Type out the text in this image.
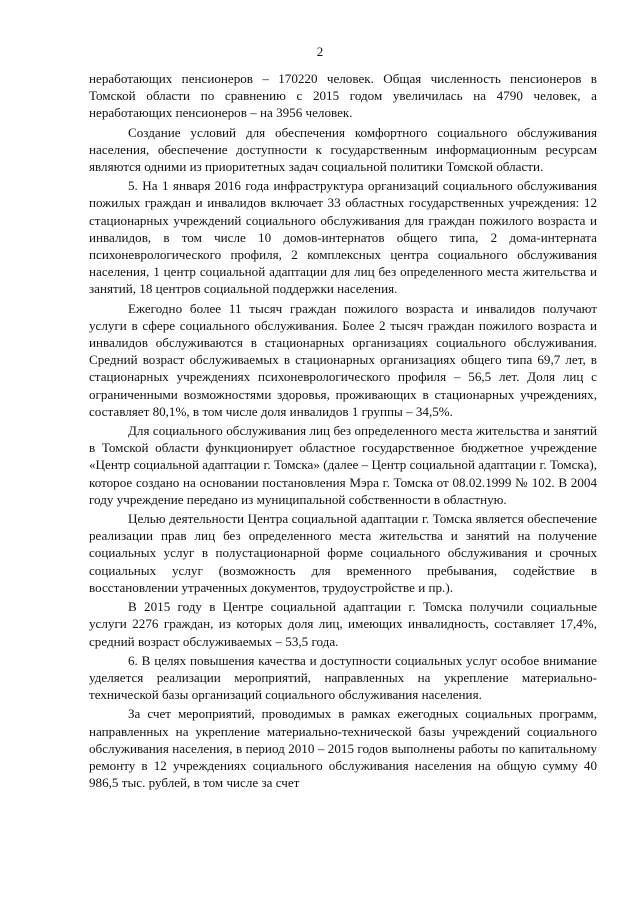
2

неработающих пенсионеров – 170220 человек. Общая численность пенсионеров в Томской области по сравнению с 2015 годом увеличилась на 4790 человек, а неработающих пенсионеров – на 3956 человек.

Создание условий для обеспечения комфортного социального обслуживания населения, обеспечение доступности к государственным информационным ресурсам являются одними из приоритетных задач социальной политики Томской области.

5. На 1 января 2016 года инфраструктура организаций социального обслуживания пожилых граждан и инвалидов включает 33 областных государственных учреждения: 12 стационарных учреждений социального обслуживания для граждан пожилого возраста и инвалидов, в том числе 10 домов-интернатов общего типа, 2 дома-интерната психоневрологического профиля, 2 комплексных центра социального обслуживания населения, 1 центр социальной адаптации для лиц без определенного места жительства и занятий, 18 центров социальной поддержки населения.

Ежегодно более 11 тысяч граждан пожилого возраста и инвалидов получают услуги в сфере социального обслуживания. Более 2 тысяч граждан пожилого возраста и инвалидов обслуживаются в стационарных организациях социального обслуживания. Средний возраст обслуживаемых в стационарных организациях общего типа 69,7 лет, в стационарных учреждениях психоневрологического профиля – 56,5 лет. Доля лиц с ограниченными возможностями здоровья, проживающих в стационарных учреждениях, составляет 80,1%, в том числе доля инвалидов 1 группы – 34,5%.

Для социального обслуживания лиц без определенного места жительства и занятий в Томской области функционирует областное государственное бюджетное учреждение «Центр социальной адаптации г. Томска» (далее – Центр социальной адаптации г. Томска), которое создано на основании постановления Мэра г. Томска от 08.02.1999 № 102. В 2004 году учреждение передано из муниципальной собственности в областную.

Целью деятельности Центра социальной адаптации г. Томска является обеспечение реализации прав лиц без определенного места жительства и занятий на получение социальных услуг в полустационарной форме социального обслуживания и срочных социальных услуг (возможность для временного пребывания, содействие в восстановлении утраченных документов, трудоустройстве и пр.).

В 2015 году в Центре социальной адаптации г. Томска получили социальные услуги 2276 граждан, из которых доля лиц, имеющих инвалидность, составляет 17,4%, средний возраст обслуживаемых – 53,5 года.

6. В целях повышения качества и доступности социальных услуг особое внимание уделяется реализации мероприятий, направленных на укрепление материально-технической базы организаций социального обслуживания населения.

За счет мероприятий, проводимых в рамках ежегодных социальных программ, направленных на укрепление материально-технической базы учреждений социального обслуживания населения, в период 2010 – 2015 годов выполнены работы по капитальному ремонту в 12 учреждениях социального обслуживания населения на общую сумму 40 986,5 тыс. рублей, в том числе за счет
